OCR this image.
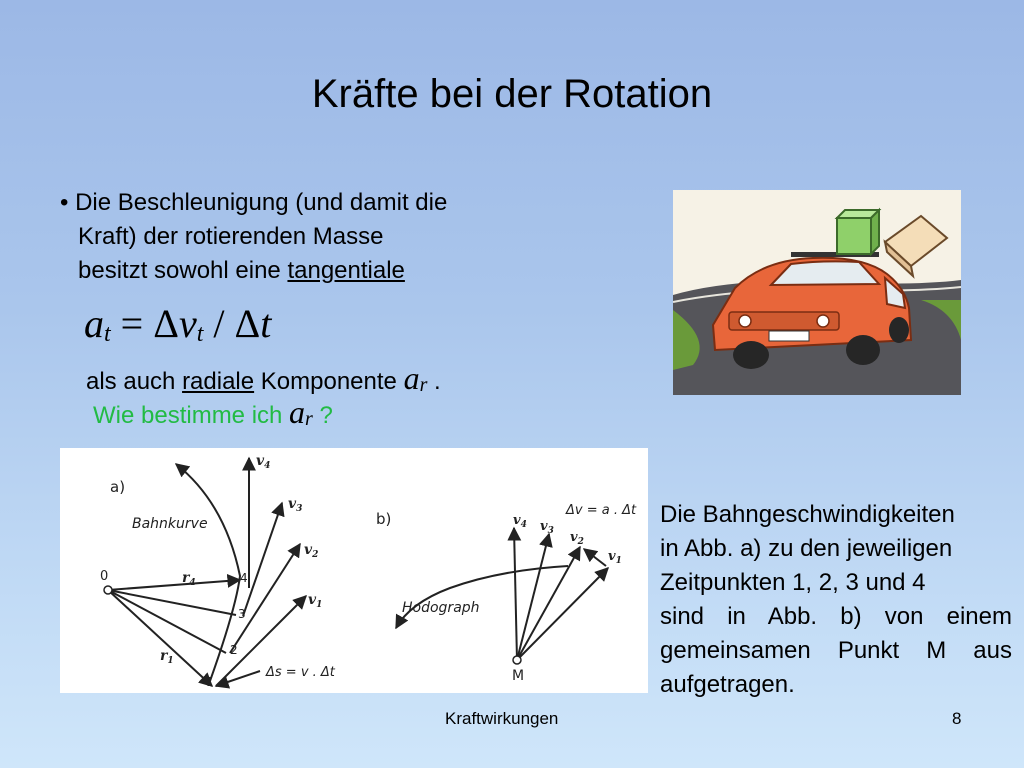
Kräfte bei der Rotation
• Die Beschleunigung (und damit die
Kraft) der rotierenden Masse
besitzt sowohl eine tangentiale
$a_t = \Delta v_t / \Delta t$
als auch radiale Komponente $a_r$ .
Wie bestimme ich $a_r$ ?
a)
Bahnkurve
0
$v_4$
$v_3$
$v_2$
$v_1$
$r_4$
$r_1$
$v_4$ $v_3$ $v_2$
$v_1$
4
3
2
1
Δs = v . Δt
b)
Hodograph
M
Δv = a . Δt Die Bahngeschwindigkeiten
in Abb. a) zu den jeweiligen
Zeitpunkten 1, 2, 3 und 4
sind in Abb. b) von einem
gemeinsamen Punkt M aus
aufgetragen.
Kraftwirkungen	8
